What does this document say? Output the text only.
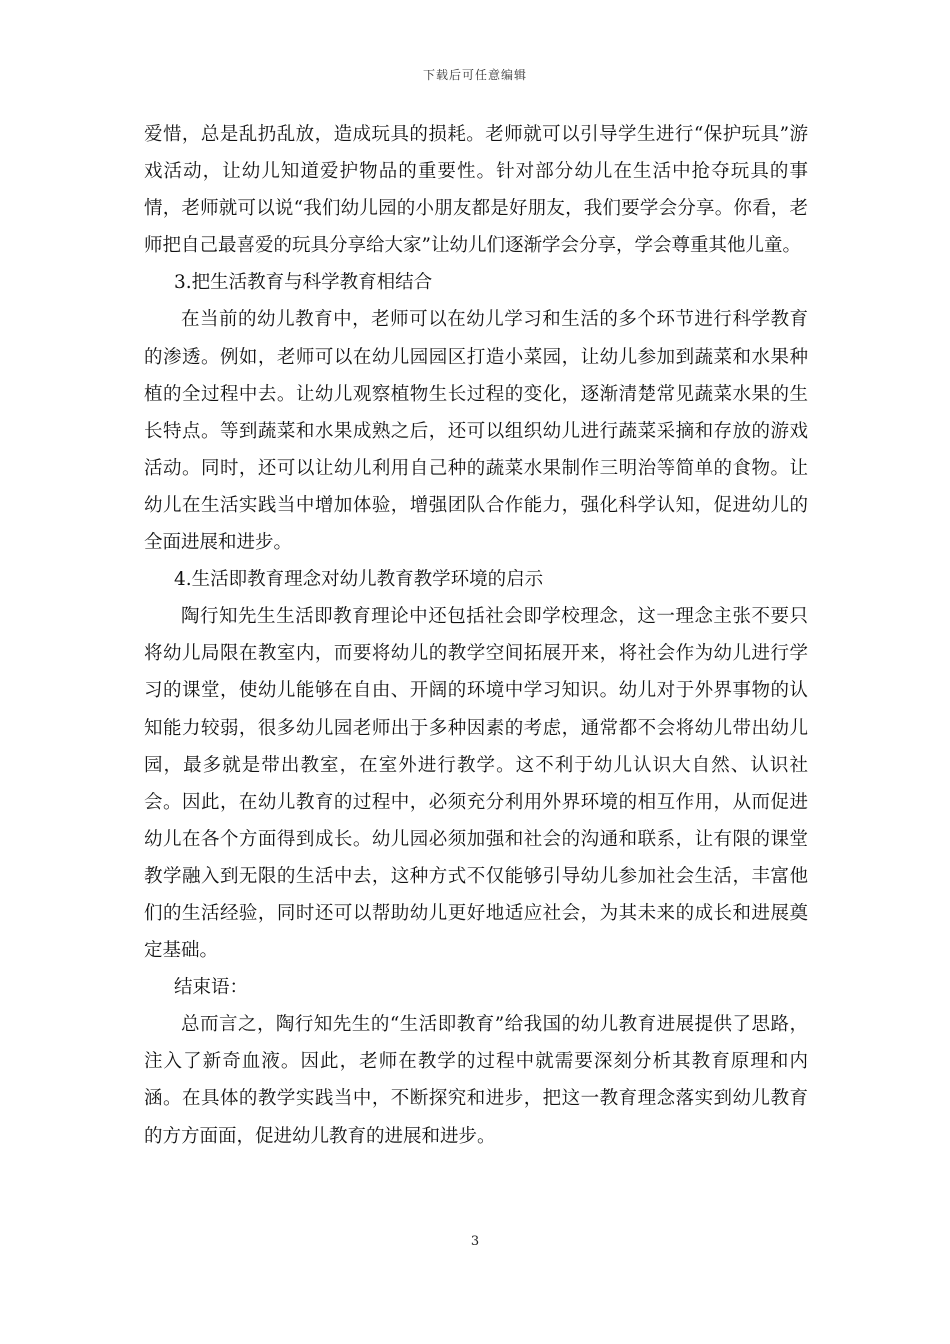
下载后可任意编辑

爱惜，总是乱扔乱放，造成玩具的损耗。老师就可以引导学生进行“保护玩具”游戏活动，让幼儿知道爱护物品的重要性。针对部分幼儿在生活中抢夺玩具的事情，老师就可以说“我们幼儿园的小朋友都是好朋友，我们要学会分享。你看，老师把自己最喜爱的玩具分享给大家”让幼儿们逐渐学会分享，学会尊重其他儿童。

3.把生活教育与科学教育相结合

在当前的幼儿教育中，老师可以在幼儿学习和生活的多个环节进行科学教育的渗透。例如，老师可以在幼儿园园区打造小菜园，让幼儿参加到蔬菜和水果种植的全过程中去。让幼儿观察植物生长过程的变化，逐渐清楚常见蔬菜水果的生长特点。等到蔬菜和水果成熟之后，还可以组织幼儿进行蔬菜采摘和存放的游戏活动。同时，还可以让幼儿利用自己种的蔬菜水果制作三明治等简单的食物。让幼儿在生活实践当中增加体验，增强团队合作能力，强化科学认知，促进幼儿的全面进展和进步。

4.生活即教育理念对幼儿教育教学环境的启示

陶行知先生生活即教育理论中还包括社会即学校理念，这一理念主张不要只将幼儿局限在教室内，而要将幼儿的教学空间拓展开来，将社会作为幼儿进行学习的课堂，使幼儿能够在自由、开阔的环境中学习知识。幼儿对于外界事物的认知能力较弱，很多幼儿园老师出于多种因素的考虑，通常都不会将幼儿带出幼儿园，最多就是带出教室，在室外进行教学。这不利于幼儿认识大自然、认识社会。因此，在幼儿教育的过程中，必须充分利用外界环境的相互作用，从而促进幼儿在各个方面得到成长。幼儿园必须加强和社会的沟通和联系，让有限的课堂教学融入到无限的生活中去，这种方式不仅能够引导幼儿参加社会生活，丰富他们的生活经验，同时还可以帮助幼儿更好地适应社会，为其未来的成长和进展奠定基础。

结束语：

总而言之，陶行知先生的“生活即教育”给我国的幼儿教育进展提供了思路，注入了新奇血液。因此，老师在教学的过程中就需要深刻分析其教育原理和内涵。在具体的教学实践当中，不断探究和进步，把这一教育理念落实到幼儿教育的方方面面，促进幼儿教育的进展和进步。

3
